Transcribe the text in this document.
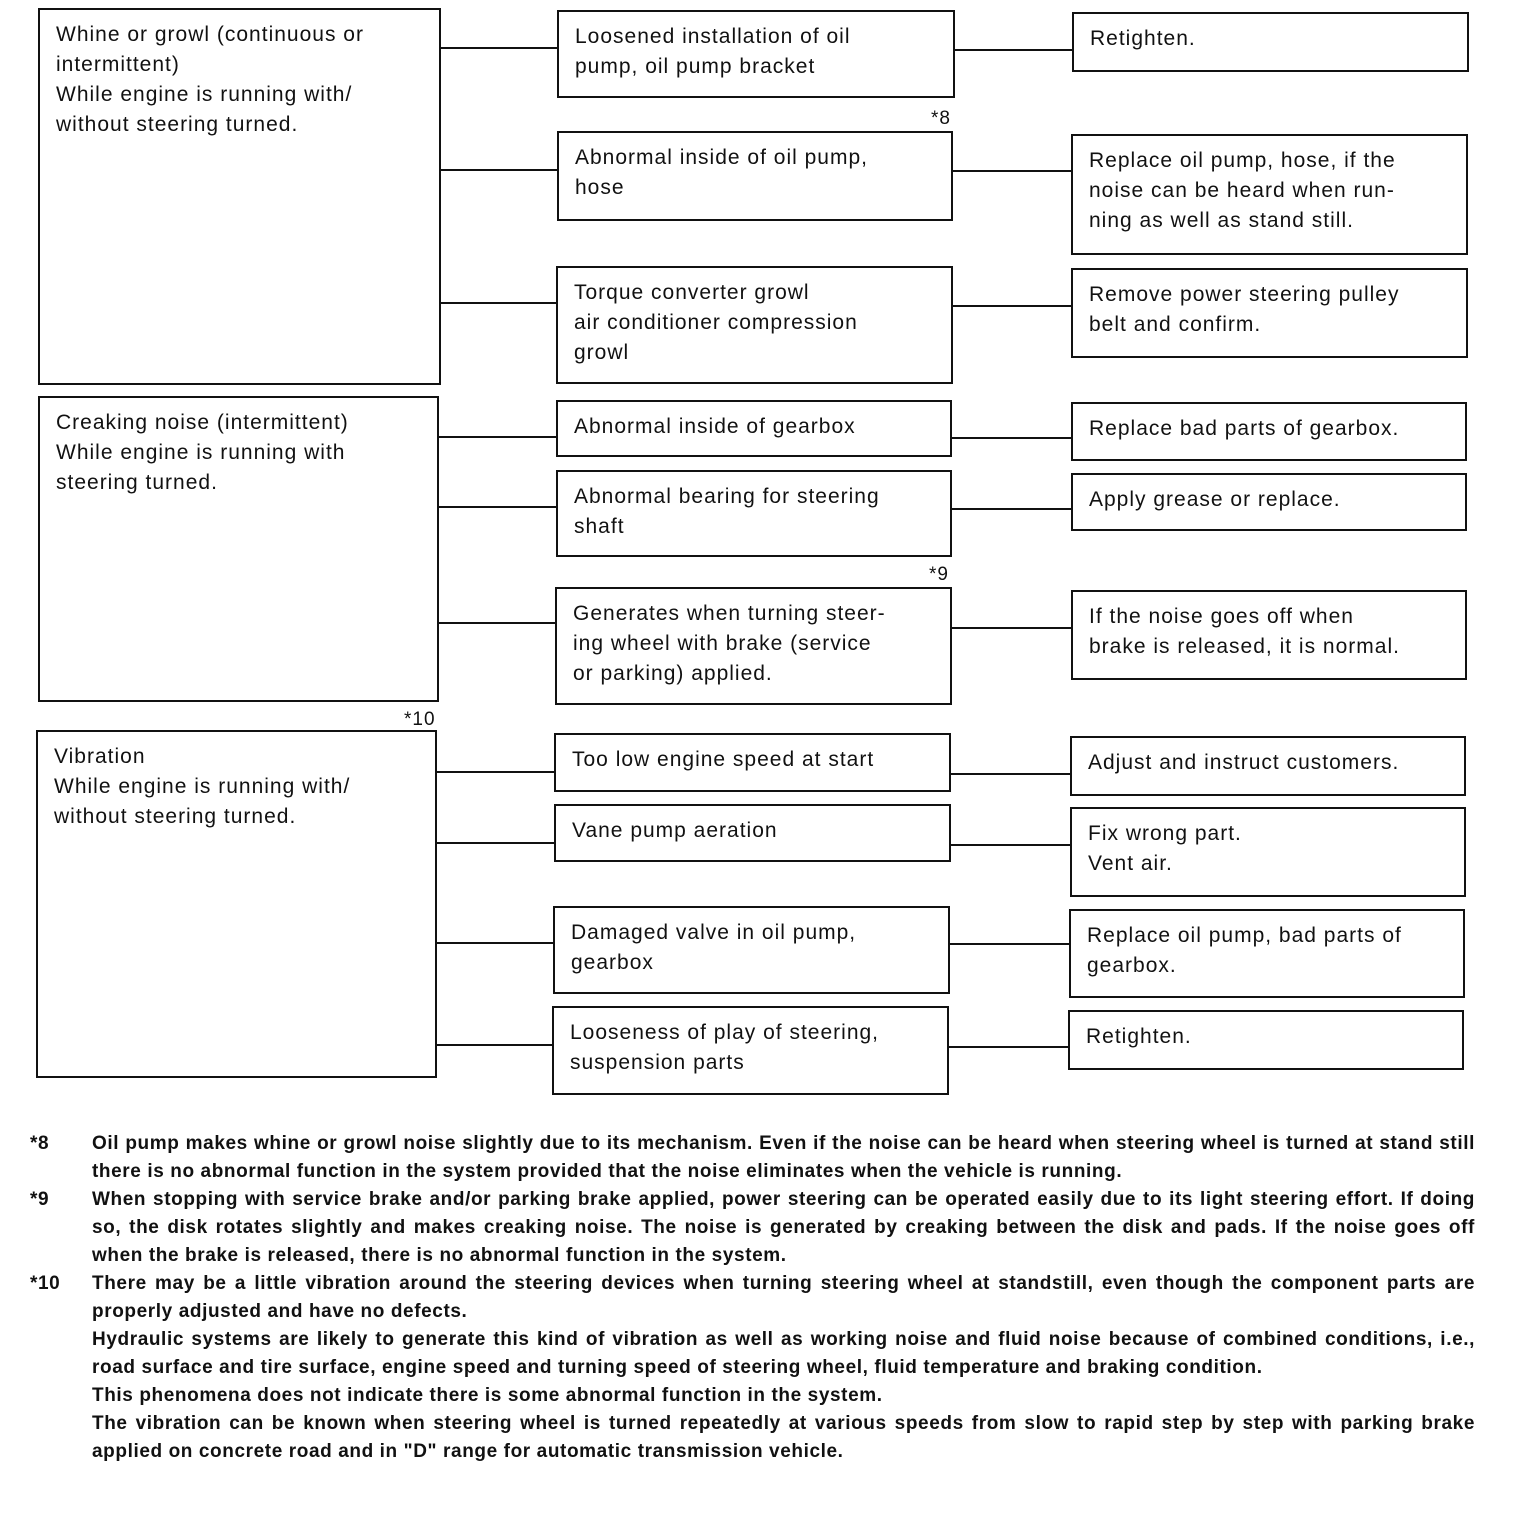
Whine or growl (continuous or
intermittent)
While engine is running with/
without steering turned.
Creaking noise (intermittent)
While engine is running with
steering turned.
Vibration
While engine is running with/
without steering turned.
Loosened installation of oil
pump, oil pump bracket
Abnormal inside of oil pump,
hose
Torque converter growl
air conditioner compression
growl
Abnormal inside of gearbox
Abnormal bearing for steering
shaft
Generates when turning steer-
ing wheel with brake (service
or parking) applied.
Too low engine speed at start
Vane pump aeration
Damaged valve in oil pump,
gearbox
Looseness of play of steering,
suspension parts
Retighten.
Replace oil pump, hose, if the
noise can be heard when run-
ning as well as stand still.
Remove power steering pulley
belt and confirm.
Replace bad parts of gearbox.
Apply grease or replace.
If the noise goes off when
brake is released, it is normal.
Adjust and instruct customers.
Fix wrong part.
Vent air.
Replace oil pump, bad parts of
gearbox.
Retighten.
*8
*9
*10
*8 Oil pump makes whine or growl noise slightly due to its mechanism. Even if the noise can be heard when steering wheel is turned at stand still there is no abnormal function in the system provided that the noise eliminates when the vehicle is running.

*9 When stopping with service brake and/or parking brake applied, power steering can be operated easily due to its light steering effort. If doing so, the disk rotates slightly and makes creaking noise. The noise is generated by creaking between the disk and pads. If the noise goes off when the brake is released, there is no abnormal function in the system.

*10 There may be a little vibration around the steering devices when turning steering wheel at standstill, even though the component parts are properly adjusted and have no defects.

Hydraulic systems are likely to generate this kind of vibration as well as working noise and fluid noise because of combined conditions, i.e., road surface and tire surface, engine speed and turning speed of steering wheel, fluid temperature and braking condition.

This phenomena does not indicate there is some abnormal function in the system.

The vibration can be known when steering wheel is turned repeatedly at various speeds from slow to rapid step by step with parking brake applied on concrete road and in "D" range for automatic transmission vehicle.
